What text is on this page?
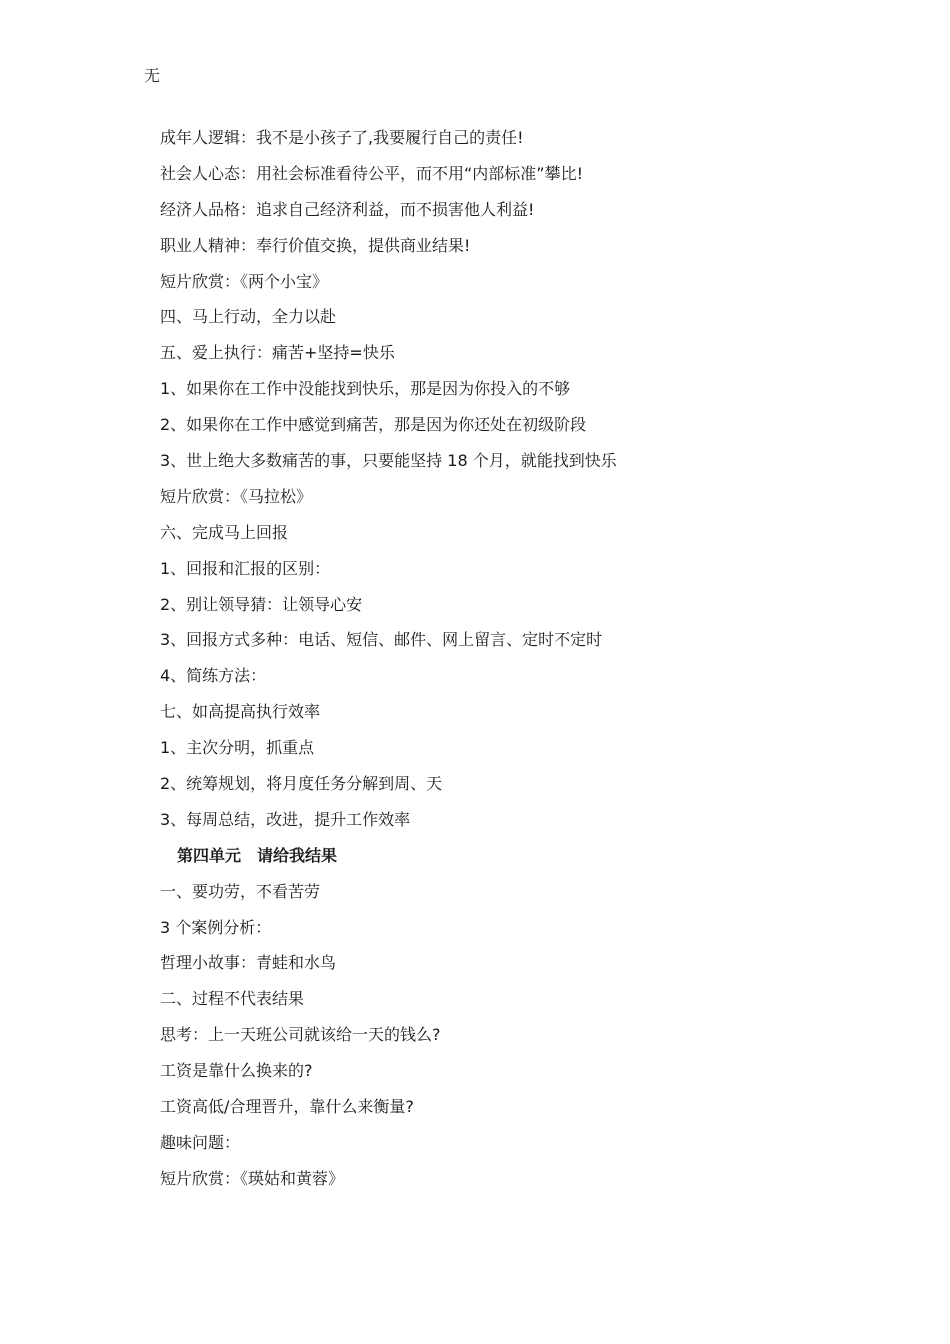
无
成年人逻辑：我不是小孩子了,我要履行自己的责任!
社会人心态：用社会标准看待公平，而不用“内部标准”攀比!
经济人品格：追求自己经济利益，而不损害他人利益!
职业人精神：奉行价值交换，提供商业结果!
短片欣赏：《两个小宝》
四、马上行动，全力以赴
五、爱上执行：痛苦+坚持=快乐
1、如果你在工作中没能找到快乐，那是因为你投入的不够
2、如果你在工作中感觉到痛苦，那是因为你还处在初级阶段
3、世上绝大多数痛苦的事，只要能坚持 18 个月，就能找到快乐
短片欣赏：《马拉松》
六、完成马上回报
1、回报和汇报的区别：
2、别让领导猜：让领导心安
3、回报方式多种：电话、短信、邮件、网上留言、定时不定时
4、简练方法：
七、如高提高执行效率
1、主次分明，抓重点
2、统筹规划，将月度任务分解到周、天
3、每周总结，改进，提升工作效率
第四单元　请给我结果
一、要功劳，不看苦劳
3 个案例分析：
哲理小故事：青蛙和水鸟
二、过程不代表结果
思考：上一天班公司就该给一天的钱么?
工资是靠什么换来的?
工资高低/合理晋升，靠什么来衡量?
趣味问题：
短片欣赏：《瑛姑和黄蓉》
